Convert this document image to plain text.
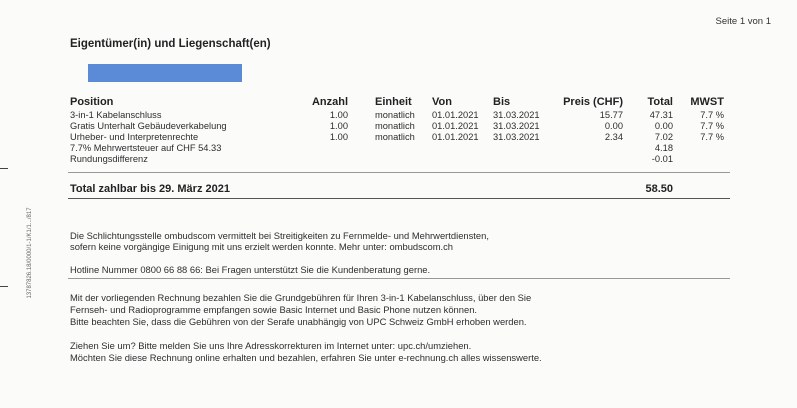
Seite 1 von 1
Eigentümer(in) und Liegenschaft(en)
Position	Anzahl Einheit Von	Bis	Preis (CHF)	Total	MWST
3-in-1 Kabelanschluss	1.00	monatlich 01.01.2021 31.03.2021	15.77	47.31	7.7 %
Gratis Unterhalt Gebäudeverkabelung	1.00	monatlich 01.01.2021 31.03.2021	0.00	0.00	7.7 %
Urheber- und Interpretenrechte	1.00	monatlich 01.01.2021 31.03.2021	2.34	7.02	7.7 %
7.7% Mehrwertsteuer auf CHF 54.33	4.18
Rundungsdifferenz	-0.01
Total zahlbar bis 29. März 2021	58.50
Die Schlichtungsstelle ombudscom vermittelt bei Streitigkeiten zu Fernmelde- und Mehrwertdiensten,
sofern keine vorgängige Einigung mit uns erzielt werden konnte. Mehr unter: ombudscom.ch
Hotline Nummer 0800 66 88 66: Bei Fragen unterstützt Sie die Kundenberatung gerne.
Mit der vorliegenden Rechnung bezahlen Sie die Grundgebühren für Ihren 3-in-1 Kabelanschluss, über den Sie
Fernseh- und Radioprogramme empfangen sowie Basic Internet und Basic Phone nutzen können.
Bitte beachten Sie, dass die Gebühren von der Serafe unabhängig von UPC Schweiz GmbH erhoben werden.
Ziehen Sie um? Bitte melden Sie uns Ihre Adresskorrekturen im Internet unter: upc.ch/umziehen.
Möchten Sie diese Rechnung online erhalten und bezahlen, erfahren Sie unter e-rechnung.ch alles wissenswerte.
13787826.18/0000/1-1/K1/1.../817
